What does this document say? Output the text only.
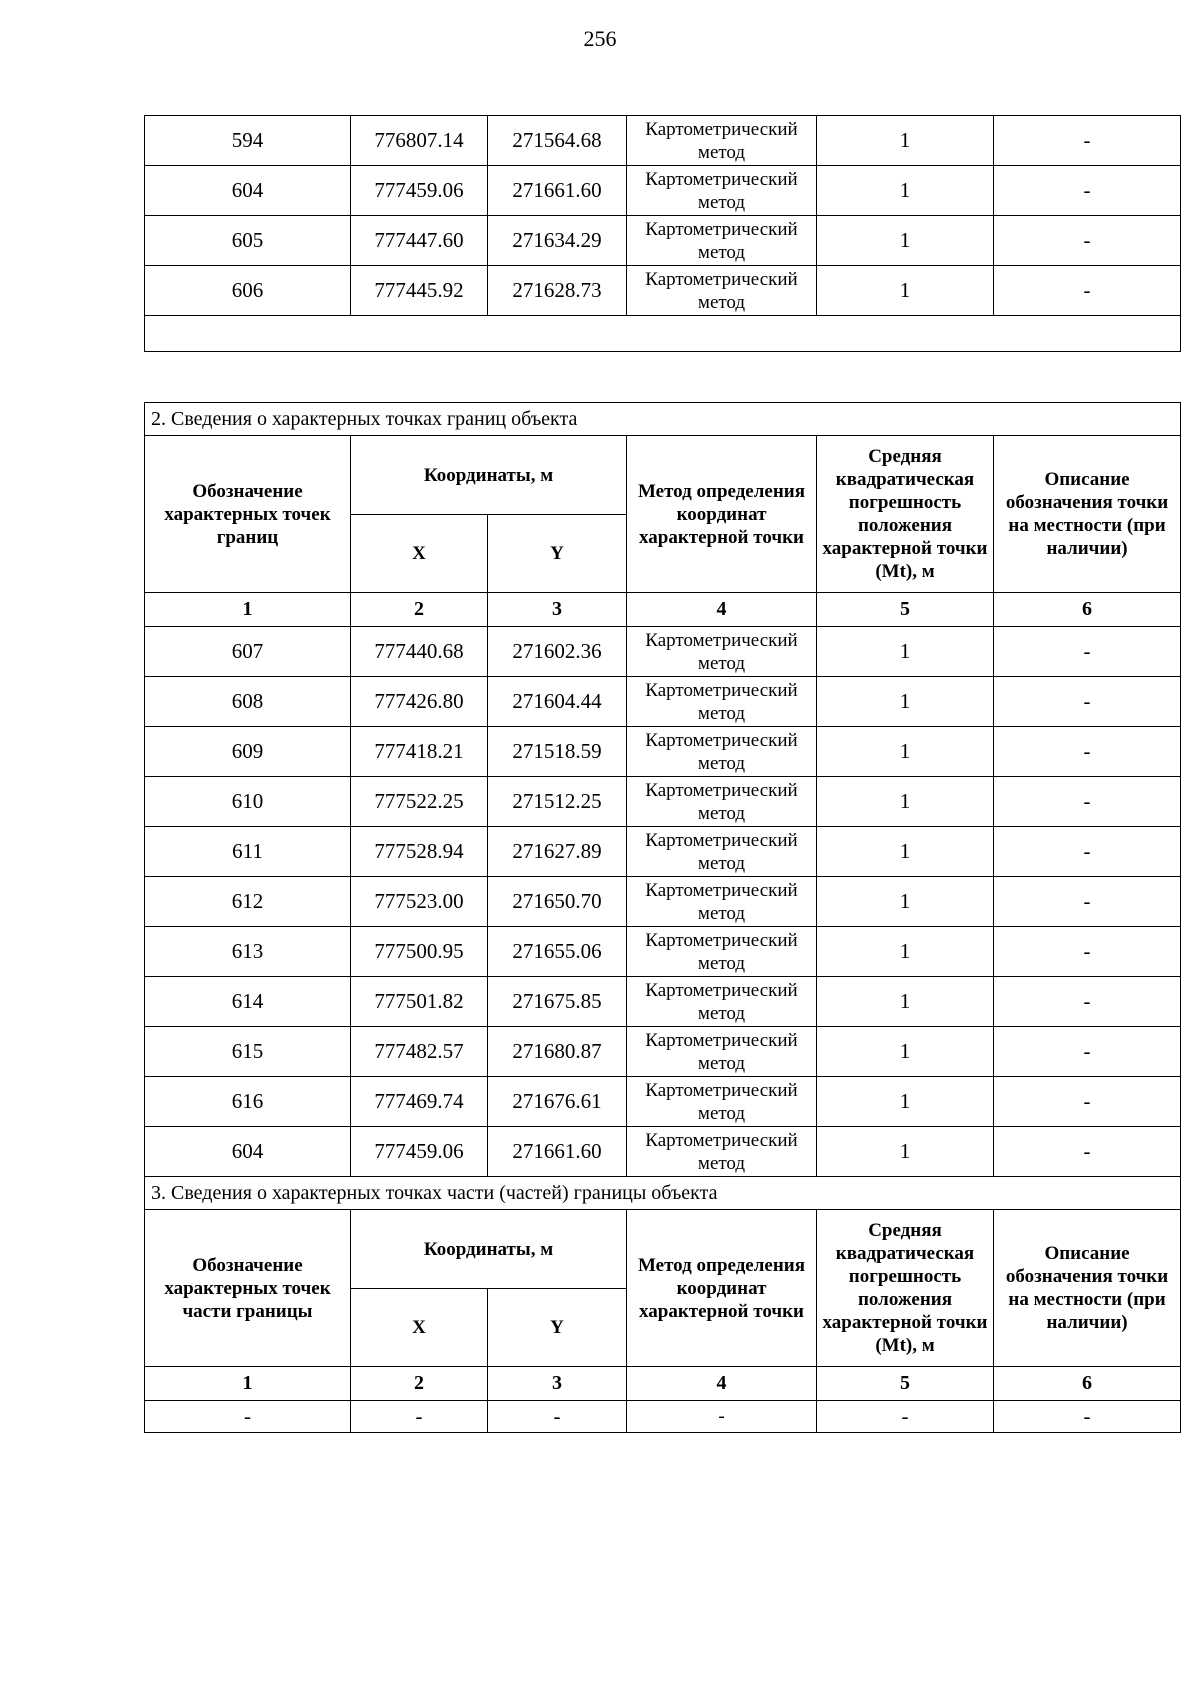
256
594	776807.14	271564.68	Картометрический метод	1	-
604	777459.06	271661.60	Картометрический метод	1	-
605	777447.60	271634.29	Картометрический метод	1	-
606	777445.92	271628.73	Картометрический метод	1	-

2. Сведения о характерных точках границ объекта					
Обозначение характерных точек границ	Координаты, м		Метод определения координат характерной точки	Средняя квадратическая погрешность положения характерной точки (Mt), м	Описание обозначения точки на местности (при наличии)
	X	Y			
1	2	3	4	5	6
607	777440.68	271602.36	Картометрический метод	1	-
608	777426.80	271604.44	Картометрический метод	1	-
609	777418.21	271518.59	Картометрический метод	1	-
610	777522.25	271512.25	Картометрический метод	1	-
611	777528.94	271627.89	Картометрический метод	1	-
612	777523.00	271650.70	Картометрический метод	1	-
613	777500.95	271655.06	Картометрический метод	1	-
614	777501.82	271675.85	Картометрический метод	1	-
615	777482.57	271680.87	Картометрический метод	1	-
616	777469.74	271676.61	Картометрический метод	1	-
604	777459.06	271661.60	Картометрический метод	1	-
3. Сведения о характерных точках части (частей) границы объекта					
Обозначение характерных точек части границы	Координаты, м		Метод определения координат характерной точки	Средняя квадратическая погрешность положения характерной точки (Mt), м	Описание обозначения точки на местности (при наличии)
	X	Y			
1	2	3	4	5	6
-	-	-	-	-	-
